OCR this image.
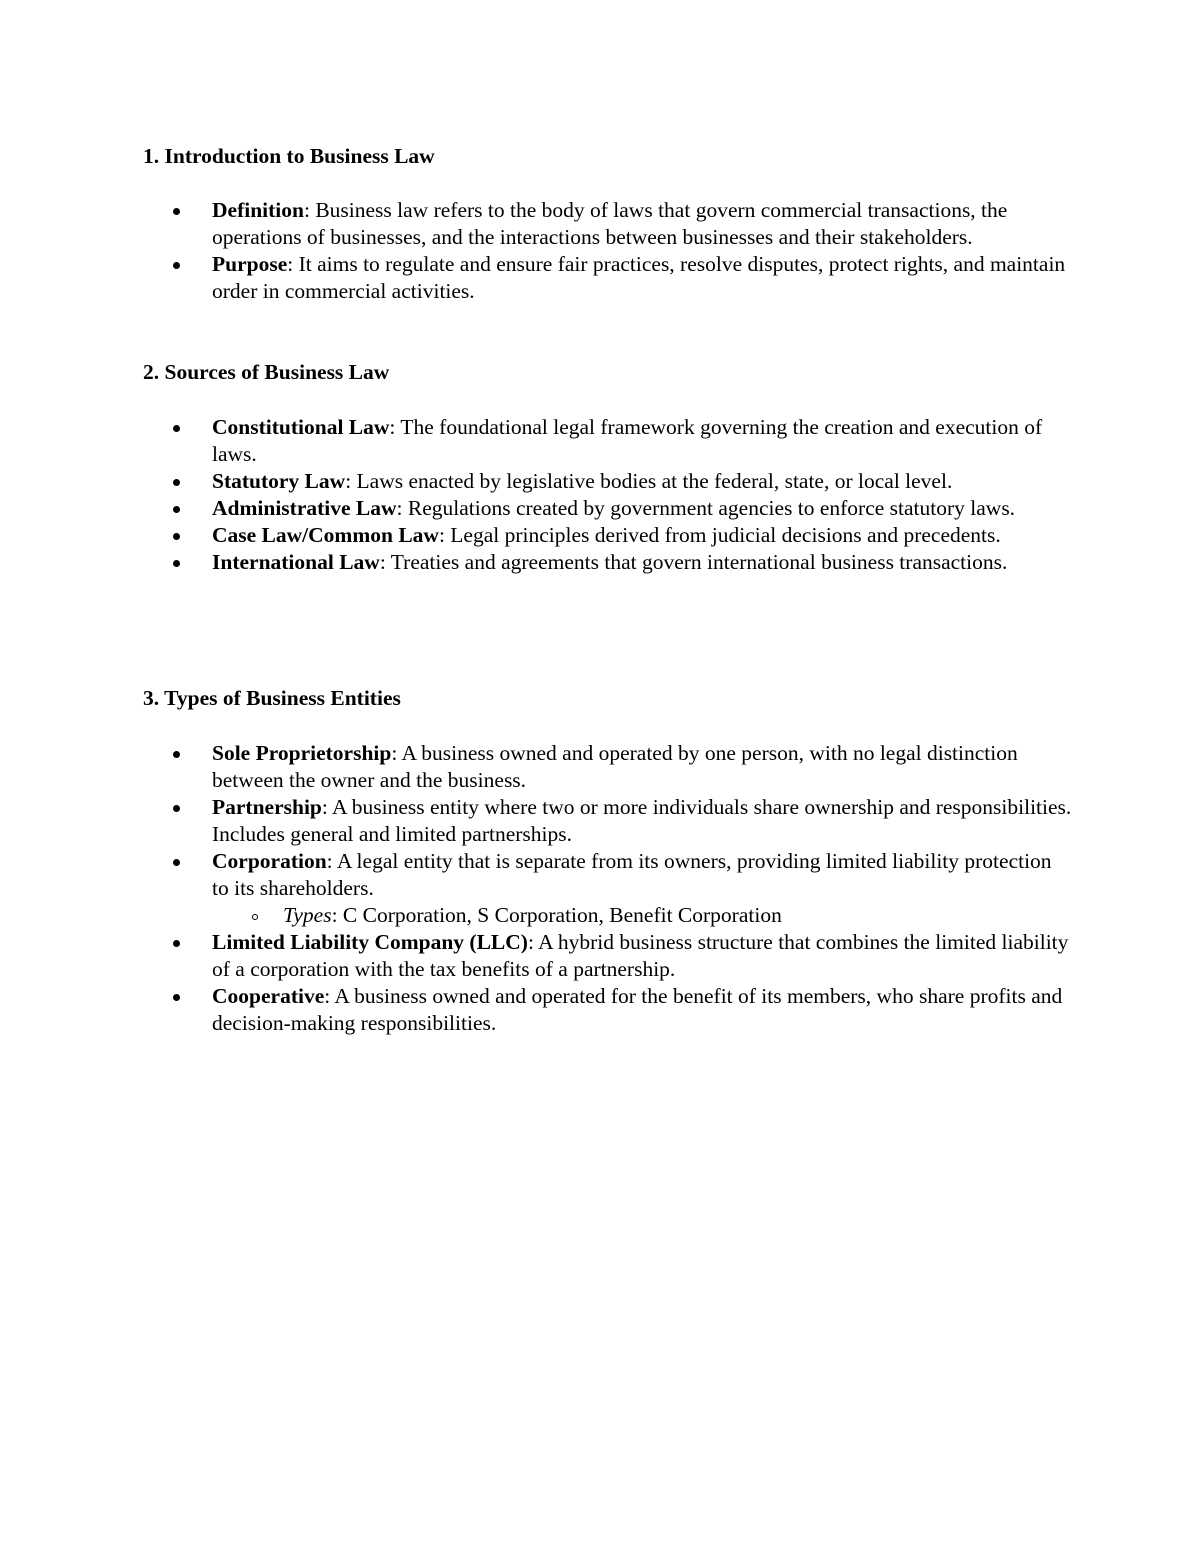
1. Introduction to Business Law
Definition: Business law refers to the body of laws that govern commercial transactions, the operations of businesses, and the interactions between businesses and their stakeholders.
Purpose: It aims to regulate and ensure fair practices, resolve disputes, protect rights, and maintain order in commercial activities.
2. Sources of Business Law
Constitutional Law: The foundational legal framework governing the creation and execution of laws.
Statutory Law: Laws enacted by legislative bodies at the federal, state, or local level.
Administrative Law: Regulations created by government agencies to enforce statutory laws.
Case Law/Common Law: Legal principles derived from judicial decisions and precedents.
International Law: Treaties and agreements that govern international business transactions.
3. Types of Business Entities
Sole Proprietorship: A business owned and operated by one person, with no legal distinction between the owner and the business.
Partnership: A business entity where two or more individuals share ownership and responsibilities. Includes general and limited partnerships.
Corporation: A legal entity that is separate from its owners, providing limited liability protection to its shareholders.
Types: C Corporation, S Corporation, Benefit Corporation
Limited Liability Company (LLC): A hybrid business structure that combines the limited liability of a corporation with the tax benefits of a partnership.
Cooperative: A business owned and operated for the benefit of its members, who share profits and decision-making responsibilities.
